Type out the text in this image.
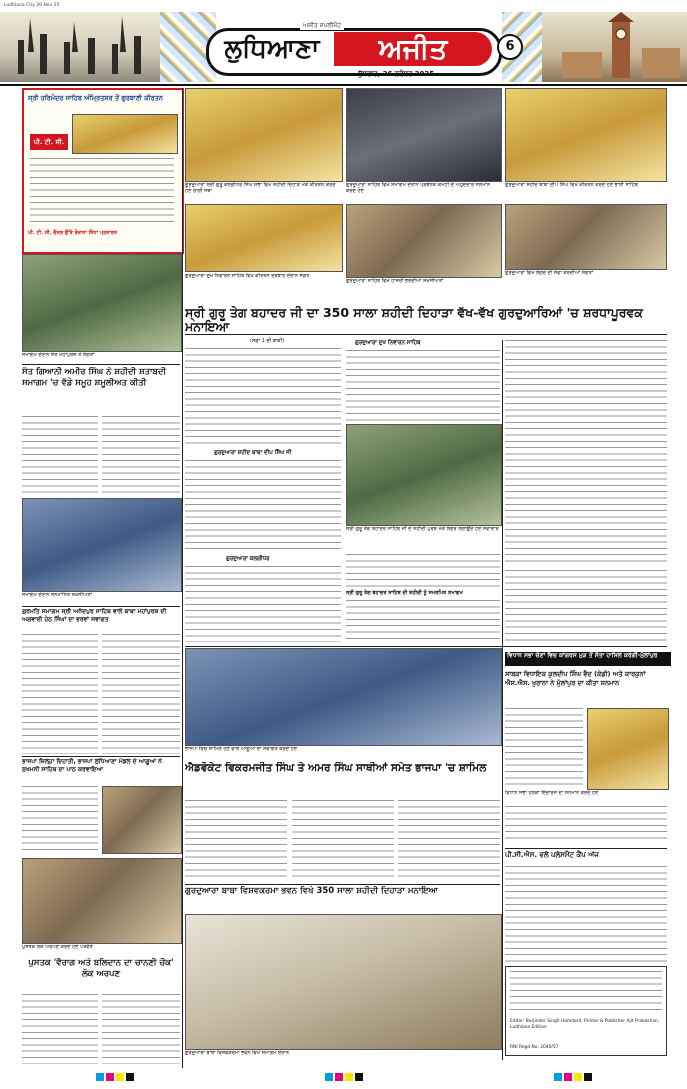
Ludhiana City 26 Nov 25
ਅਜੀਤ ਸਪਲੀਮੈਂਟ
ਲੁਧਿਆਣਾ	ਅਜੀਤ
ਬੁੱਧਵਾਰ, 26 ਨਵੰਬਰ 2025
6
ਸ੍ਰੀ ਹਰਿਮੰਦਰ ਸਾਹਿਬ ਅੰਮ੍ਰਿਤਸਰ ਤੋਂ ਗੁਰਬਾਣੀ ਕੀਰਤਨ
ਪੀ. ਟੀ. ਸੀ.
ਪੀ. ਟੀ. ਸੀ. ਚੈਨਲ ਉੱਤੇ ਰੋਜ਼ਾਨਾ ਸਿੱਧਾ ਪ੍ਰਸਾਰਨ
ਗੁਰਦੁਆਰਾ ਸ੍ਰੀ ਗੁਰੂ ਕਲਗੀਧਰ ਸਿੰਘ ਸਭਾ ਵਿਖੇ ਸ਼ਹੀਦੀ ਦਿਹਾੜੇ ਮੌਕੇ ਕੀਰਤਨ ਕਰਦੇ ਹੋਏ ਰਾਗੀ ਜਥਾ
ਗੁਰਦੁਆਰਾ ਸਾਹਿਬ ਵਿਖੇ ਸਮਾਗਮ ਦੌਰਾਨ ਪ੍ਰਬੰਧਕ ਕਮੇਟੀ ਦੇ ਅਹੁਦੇਦਾਰ ਸਨਮਾਨ ਕਰਦੇ ਹੋਏ
ਗੁਰਦੁਆਰਾ ਸ਼ਹੀਦ ਬਾਬਾ ਦੀਪ ਸਿੰਘ ਵਿਖੇ ਕੀਰਤਨ ਕਰਦੇ ਹੋਏ ਭਾਈ ਸਾਹਿਬ
ਗੁਰਦੁਆਰਾ ਦੁਖ ਨਿਵਾਰਨ ਸਾਹਿਬ ਵਿਖੇ ਕੀਰਤਨ ਦਰਬਾਰ ਦੌਰਾਨ ਸੰਗਤ
ਗੁਰਦੁਆਰਾ ਸਾਹਿਬ ਵਿਖੇ ਹਾਜ਼ਰੀ ਭਰਦੀਆਂ ਸ਼ਖ਼ਸੀਅਤਾਂ
ਗੁਰਦੁਆਰਾ ਵਿਖੇ ਲੰਗਰ ਦੀ ਸੇਵਾ ਕਰਦੀਆਂ ਸੰਗਤਾਂ
ਸਮਾਗਮ ਦੌਰਾਨ ਸੰਤ ਮਹਾਂਪੁਰਸ਼ ਤੇ ਸੰਗਤਾਂ
ਸ੍ਰੀ ਗੁਰੂ ਤੇਗ ਬਹਾਦਰ ਜੀ ਦਾ 350 ਸਾਲਾ ਸ਼ਹੀਦੀ ਦਿਹਾੜਾ ਵੱਖ-ਵੱਖ ਗੁਰਦੁਆਰਿਆਂ 'ਚ ਸ਼ਰਧਾਪੂਰਵਕ ਮਨਾਇਆ
(ਸਫ਼ਾ 1 ਦੀ ਬਾਕੀ)	ਗੁਰਦੁਆਰਾ ਦੁਖ ਨਿਵਾਰਨ ਸਾਹਿਬ
ਗੁਰਦੁਆਰਾ ਸ਼ਹੀਦ ਬਾਬਾ ਦੀਪ ਸਿੰਘ ਜੀ
ਸ੍ਰੀ ਗੁਰੂ ਤੇਗ ਬਹਾਦਰ ਸਾਹਿਬ ਜੀ ਦੇ ਸ਼ਹੀਦੀ ਪੁਰਬ ਮੌਕੇ ਲੰਗਰ ਲਗਾਉਂਦੇ ਹੋਏ ਸੇਵਾਦਾਰ
ਸੰਤ ਗਿਆਨੀ ਅਮੀਰ ਸਿੰਘ ਨੇ ਸ਼ਹੀਦੀ ਸ਼ਤਾਬਦੀ ਸਮਾਗਮ 'ਚ ਵੱਡੇ ਸਮੂਹ ਸ਼ਮੂਲੀਅਤ ਕੀਤੀ
ਸਮਾਗਮ ਦੌਰਾਨ ਸਨਮਾਨਿਤ ਸ਼ਖ਼ਸੀਅਤਾਂ
ਗੁਰਮਤਿ ਸਮਾਗਮ ਸ੍ਰੀ ਅਨੰਦਪੁਰ ਸਾਹਿਬ ਵਾਲੇ ਬਾਬਾ ਮਹਾਂਪੁਰਸ਼ ਦੀ ਅਗਵਾਈ ਹੇਠ ਸਿੰਘਾਂ ਦਾ ਭਰਵਾਂ ਸਵਾਗਤ
ਗੁਰਦੁਆਰਾ ਕਲਗੀਧਰ
ਸ੍ਰੀ ਗੁਰੂ ਤੇਗ ਬਹਾਦਰ ਸਾਹਿਬ ਦੀ ਸ਼ਹੀਦੀ ਨੂੰ ਸਮਰਪਿਤ ਸਮਾਗਮ
ਭਾਜਪਾ ਵਿਚ ਸ਼ਾਮਿਲ ਹੋਣ ਵਾਲੇ ਆਗੂਆਂ ਦਾ ਸਵਾਗਤ ਕਰਦੇ ਹੋਏ
ਐਡਵੋਕੇਟ ਵਿਕਰਮਜੀਤ ਸਿੰਘ ਤੇ ਅਮਰ ਸਿੰਘ ਸਾਥੀਆਂ ਸਮੇਤ ਭਾਜਪਾ 'ਚ ਸ਼ਾਮਿਲ
ਭਾਜਪਾ ਜ਼ਿਲ੍ਹਾ ਦਿਹਾਤੀ, ਭਾਜਪਾ ਲੁਧਿਆਣਾ ਮੰਡਲ ਦੇ ਆਗੂਆਂ ਨੇ ਸੁਖਮਨੀ ਸਾਹਿਬ ਦਾ ਪਾਠ ਕਰਵਾਇਆ
ਵਿਧਾਨ ਸਭਾ ਚੋਣਾਂ ਵਿਚ ਕਾਂਗਰਸ ਮੁੜ ਤੋਂ ਸੱਤਾ ਹਾਸਿਲ ਕਰੇਗੀ-ਮੁੱਲਾਂਪੁਰ
ਸਾਬਕਾ ਵਿਧਾਇਕ ਕੁਲਦੀਪ ਸਿੰਘ ਵੈਦ (ਕੇਡੀ) ਅਤੇ ਕਾਰਕੁਨਾਂ ਐਸ.ਐਸ. ਖੁਰਾਨਾ ਨੇ ਮੁੱਲਾਂਪੁਰ ਦਾ ਕੀਤਾ ਸਨਮਾਨ
ਵਿਧਾਨ ਸਭਾ ਹਲਕਾ ਇੰਚਾਰਜ ਦਾ ਸਨਮਾਨ ਕਰਦੇ ਹੋਏ
ਪੀ.ਸੀ.ਐਸ. ਵਲੋਂ ਪਲੇਸਮੈਂਟ ਕੈਂਪ ਅੱਜ
ਗੁਰਦੁਆਰਾ ਬਾਬਾ ਵਿਸ਼ਵਕਰਮਾ ਭਵਨ ਵਿਖੇ 350 ਸਾਲਾ ਸ਼ਹੀਦੀ ਦਿਹਾੜਾ ਮਨਾਇਆ
ਗੁਰਦੁਆਰਾ ਬਾਬਾ ਵਿਸ਼ਵਕਰਮਾ ਭਵਨ ਵਿਖੇ ਸਮਾਗਮ ਦੌਰਾਨ
ਪੁਸਤਕ ਲੋਕ ਅਰਪਣ ਕਰਦੇ ਹੋਏ ਪਤਵੰਤੇ
ਪੁਸਤਕ 'ਵੈਰਾਗ ਅਤੇ ਬਲਿਦਾਨ ਦਾ ਚਾਨਣੀ ਚੌਕ' ਲੋਕ ਅਰਪਣ
Editor: Barjinder Singh Hamdard, Printer & Publisher Ajit Prakashan, Ludhiana Edition
RNI Regd No. 2040/57
